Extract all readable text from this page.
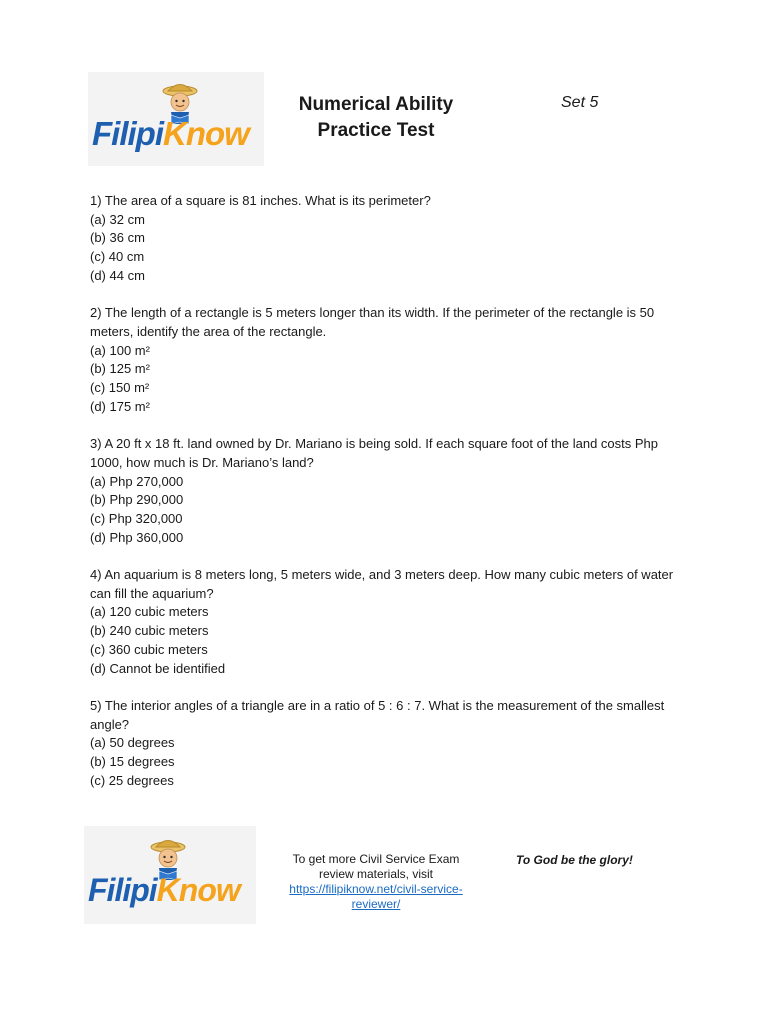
FilipiKnow
Numerical Ability
Practice Test
Set 5

1) The area of a square is 81 inches. What is its perimeter?

(a) 32 cm

(b) 36 cm

(c) 40 cm

(d) 44 cm

2) The length of a rectangle is 5 meters longer than its width. If the perimeter of the rectangle is 50 meters, identify the area of the rectangle.

(a) 100 m²

(b) 125 m²

(c) 150 m²

(d) 175 m²

3) A 20 ft x 18 ft. land owned by Dr. Mariano is being sold. If each square foot of the land costs Php 1000, how much is Dr. Mariano’s land?

(a) Php 270,000

(b) Php 290,000

(c) Php 320,000

(d) Php 360,000

4) An aquarium is 8 meters long, 5 meters wide, and 3 meters deep. How many cubic meters of water can fill the aquarium?

(a) 120 cubic meters

(b) 240 cubic meters

(c) 360 cubic meters

(d) Cannot be identified

5) The interior angles of a triangle are in a ratio of 5 : 6 : 7. What is the measurement of the smallest angle?

(a) 50 degrees

(b) 15 degrees

(c) 25 degrees

FilipiKnow
To get more Civil Service Exam
review materials, visit
https://filipiknow.net/civil-service-
reviewer/
To God be the glory!
